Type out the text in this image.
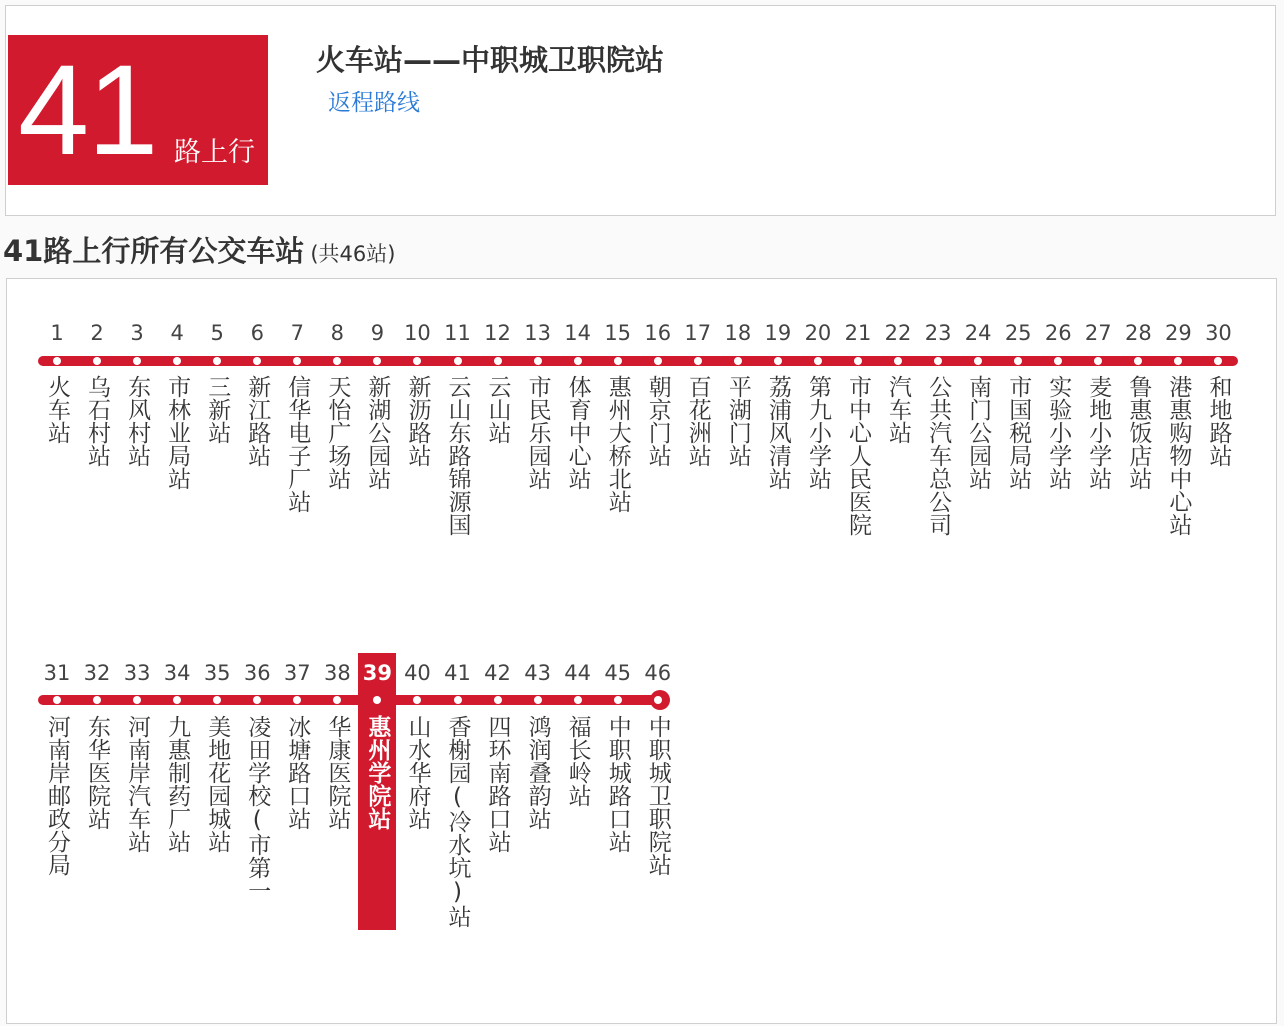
41 路上行
火车站——中职城卫职院站
返程路线
41路上行所有公交车站 (共46站)
1
火车站
2
乌石村站
3
东风村站
4
市林业局站
5
三新站
6
新江路站
7
信华电子厂站
8
天怡广场站
9
新湖公园站
10
新沥路站
11
云山东路锦源国
12
云山站
13
市民乐园站
14
体育中心站
15
惠州大桥北站
16
朝京门站
17
百花洲站
18
平湖门站
19
荔浦风清站
20
第九小学站
21
市中心人民医院
22
汽车站
23
公共汽车总公司
24
南门公园站
25
市国税局站
26
实验小学站
27
麦地小学站
28
鲁惠饭店站
29
港惠购物中心站
30
和地路站
31
河南岸邮政分局
32
东华医院站
33
河南岸汽车站
34
九惠制药厂站
35
美地花园城站
36
凌田学校(市第一
37
冰塘路口站
38
华康医院站
39
惠州学院站
40
山水华府站
41
香榭园(冷水坑)站
42
四环南路口站
43
鸿润叠韵站
44
福长岭站
45
中职城路口站
46
中职城卫职院站
